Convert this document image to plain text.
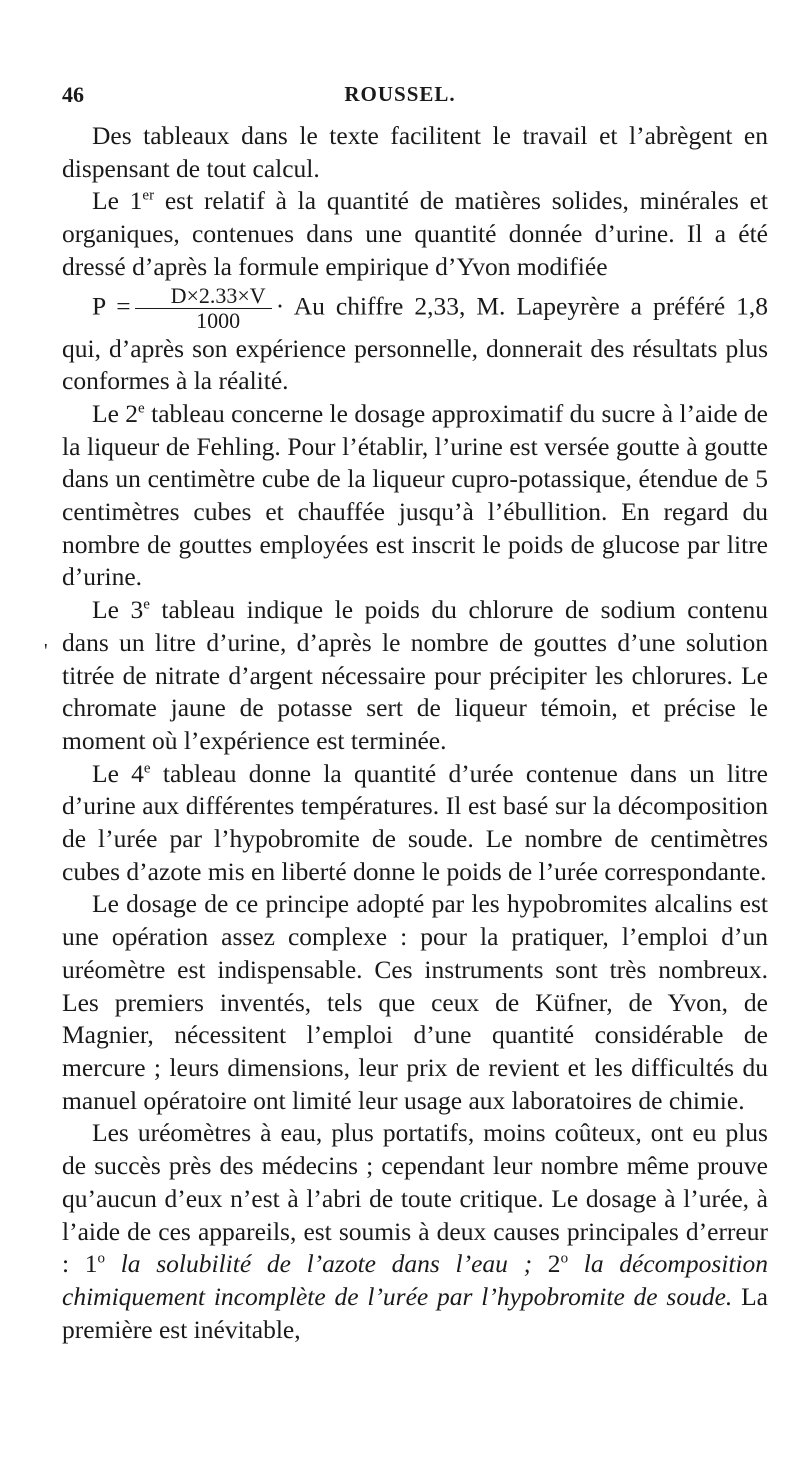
46	ROUSSEL.
'

Des tableaux dans le texte facilitent le travail et l’abrègent en dispensant de tout calcul.

Le 1er est relatif à la quantité de matières solides, minérales et organiques, contenues dans une quantité donnée d’urine. Il a été dressé d’après la formule empirique d’Yvon modifiée
$P = \frac{D\times 2.33\times V}{1000} \cdot Au$ chiffre 2,33, M. Lapeyrère a préféré 1,8 qui, d’après son expérience personnelle, donnerait des résultats plus conformes à la réalité.

Le 2e tableau concerne le dosage approximatif du sucre à l’aide de la liqueur de Fehling. Pour l’établir, l’urine est versée goutte à goutte dans un centimètre cube de la liqueur cupro-potassique, étendue de 5 centimètres cubes et chauffée jusqu’à l’ébullition. En regard du nombre de gouttes employées est inscrit le poids de glucose par litre d’urine.

Le 3e tableau indique le poids du chlorure de sodium contenu dans un litre d’urine, d’après le nombre de gouttes d’une solution titrée de nitrate d’argent nécessaire pour précipiter les chlorures. Le chromate jaune de potasse sert de liqueur témoin, et précise le moment où l’expérience est terminée.

Le 4e tableau donne la quantité d’urée contenue dans un litre d’urine aux différentes températures. Il est basé sur la décomposition de l’urée par l’hypobromite de soude. Le nombre de centimètres cubes d’azote mis en liberté donne le poids de l’urée correspondante.

Le dosage de ce principe adopté par les hypobromites alcalins est une opération assez complexe : pour la pratiquer, l’emploi d’un uréomètre est indispensable. Ces instruments sont très nombreux. Les premiers inventés, tels que ceux de Küfner, de Yvon, de Magnier, nécessitent l’emploi d’une quantité considérable de mercure ; leurs dimensions, leur prix de revient et les difficultés du manuel opératoire ont limité leur usage aux laboratoires de chimie.

Les uréomètres à eau, plus portatifs, moins coûteux, ont eu plus de succès près des médecins ; cependant leur nombre même prouve qu’aucun d’eux n’est à l’abri de toute critique. Le dosage à l’urée, à l’aide de ces appareils, est soumis à deux causes principales d’erreur : 1$^o$ la solubilité de l’azote dans l’eau ; 2$^o$ la décomposition chimiquement incomplète de l’urée par l’hypobromite de soude. La première est inévitable,
